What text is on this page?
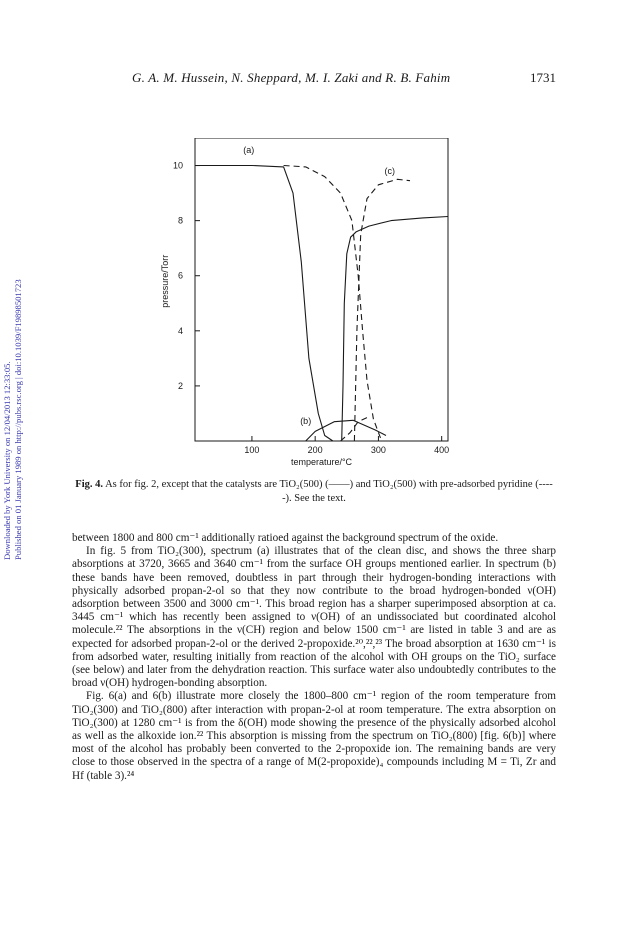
G. A. M. Hussein, N. Sheppard, M. I. Zaki and R. B. Fahim	1731
Downloaded by York University on 12/04/2013 12:33:05. Published on 01 January 1989 on http://pubs.rsc.org | doi:10.1039/F19898501723	100	200	300	400
2
4
6
8
10
temperature/°C
pressure/Torr
(a)
(b)
(c)
Fig. 4. As for fig. 2, except that the catalysts are TiO₂(500) (——) and TiO₂(500) with pre-adsorbed pyridine (-----). See the text.

between 1800 and 800 cm⁻¹ additionally ratioed against the background spectrum of the oxide.

In fig. 5 from TiO₂(300), spectrum (a) illustrates that of the clean disc, and shows the three sharp absorptions at 3720, 3665 and 3640 cm⁻¹ from the surface OH groups mentioned earlier. In spectrum (b) these bands have been removed, doubtless in part through their hydrogen-bonding interactions with physically adsorbed propan-2-ol so that they now contribute to the broad hydrogen-bonded ν(OH) adsorption between 3500 and 3000 cm⁻¹. This broad region has a sharper superimposed absorption at ca. 3445 cm⁻¹ which has recently been assigned to ν(OH) of an undissociated but coordinated alcohol molecule.²² The absorptions in the ν(CH) region and below 1500 cm⁻¹ are listed in table 3 and are as expected for adsorbed propan-2-ol or the derived 2-propoxide.²⁰,²²,²³ The broad absorption at 1630 cm⁻¹ is from adsorbed water, resulting initially from reaction of the alcohol with OH groups on the TiO₂ surface (see below) and later from the dehydration reaction. This surface water also undoubtedly contributes to the broad ν(OH) hydrogen-bonding absorption.

Fig. 6(a) and 6(b) illustrate more closely the 1800–800 cm⁻¹ region of the room temperature from TiO₂(300) and TiO₂(800) after interaction with propan-2-ol at room temperature. The extra absorption on TiO₂(300) at 1280 cm⁻¹ is from the δ(OH) mode showing the presence of the physically adsorbed alcohol as well as the alkoxide ion.²² This absorption is missing from the spectrum on TiO₂(800) [fig. 6(b)] where most of the alcohol has probably been converted to the 2-propoxide ion. The remaining bands are very close to those observed in the spectra of a range of M(2-propoxide)₄ compounds including M = Ti, Zr and Hf (table 3).²⁴
